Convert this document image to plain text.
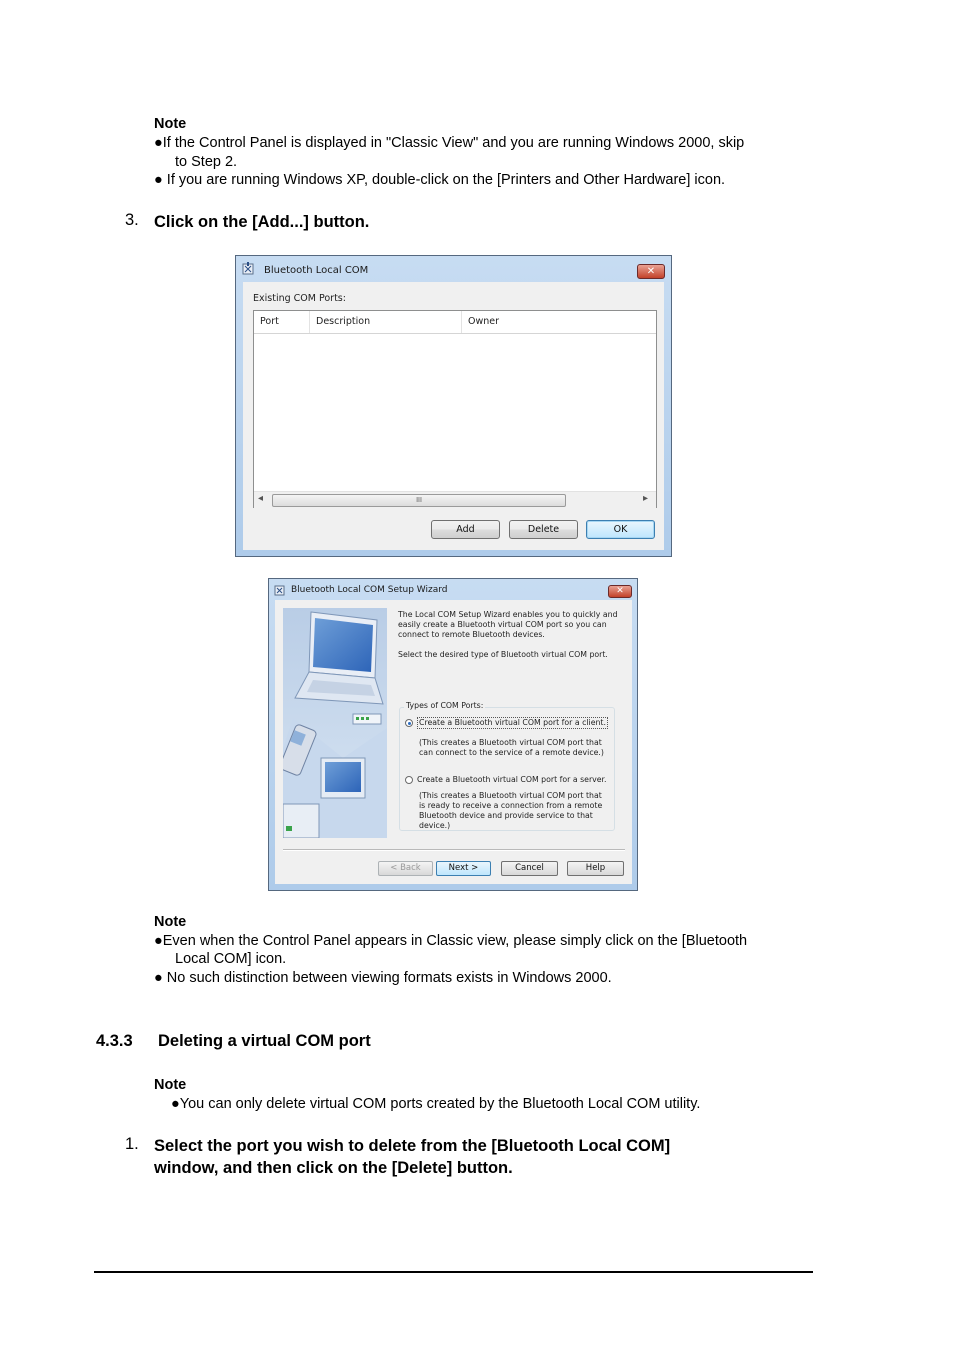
Note
●If the Control Panel is displayed in "Classic View" and you are running Windows 2000, skip
to Step 2.
● If you are running Windows XP, double-click on the [Printers and Other Hardware] icon.
3. Click on the [Add...] button.
Bluetooth Local COM	✕
Existing COM Ports:
Port	Description	Owner
◂	III	▸
Add	Delete	OK
Bluetooth Local COM Setup Wizard	✕
The Local COM Setup Wizard enables you to quickly and easily create a Bluetooth virtual COM port so you can connect to remote Bluetooth devices.
Select the desired type of Bluetooth virtual COM port.
Types of COM Ports:
Create a Bluetooth virtual COM port for a client.
(This creates a Bluetooth virtual COM port that can connect to the service of a remote device.)
Create a Bluetooth virtual COM port for a server.
(This creates a Bluetooth virtual COM port that is ready to receive a connection from a remote Bluetooth device and provide service to that device.)
< Back	Next >	Cancel	Help
Note
●Even when the Control Panel appears in Classic view, please simply click on the [Bluetooth
Local COM] icon.
● No such distinction between viewing formats exists in Windows 2000.
4.3.3 Deleting a virtual COM port
Note
●You can only delete virtual COM ports created by the Bluetooth Local COM utility.
1. Select the port you wish to delete from the [Bluetooth Local COM]
window, and then click on the [Delete] button.
